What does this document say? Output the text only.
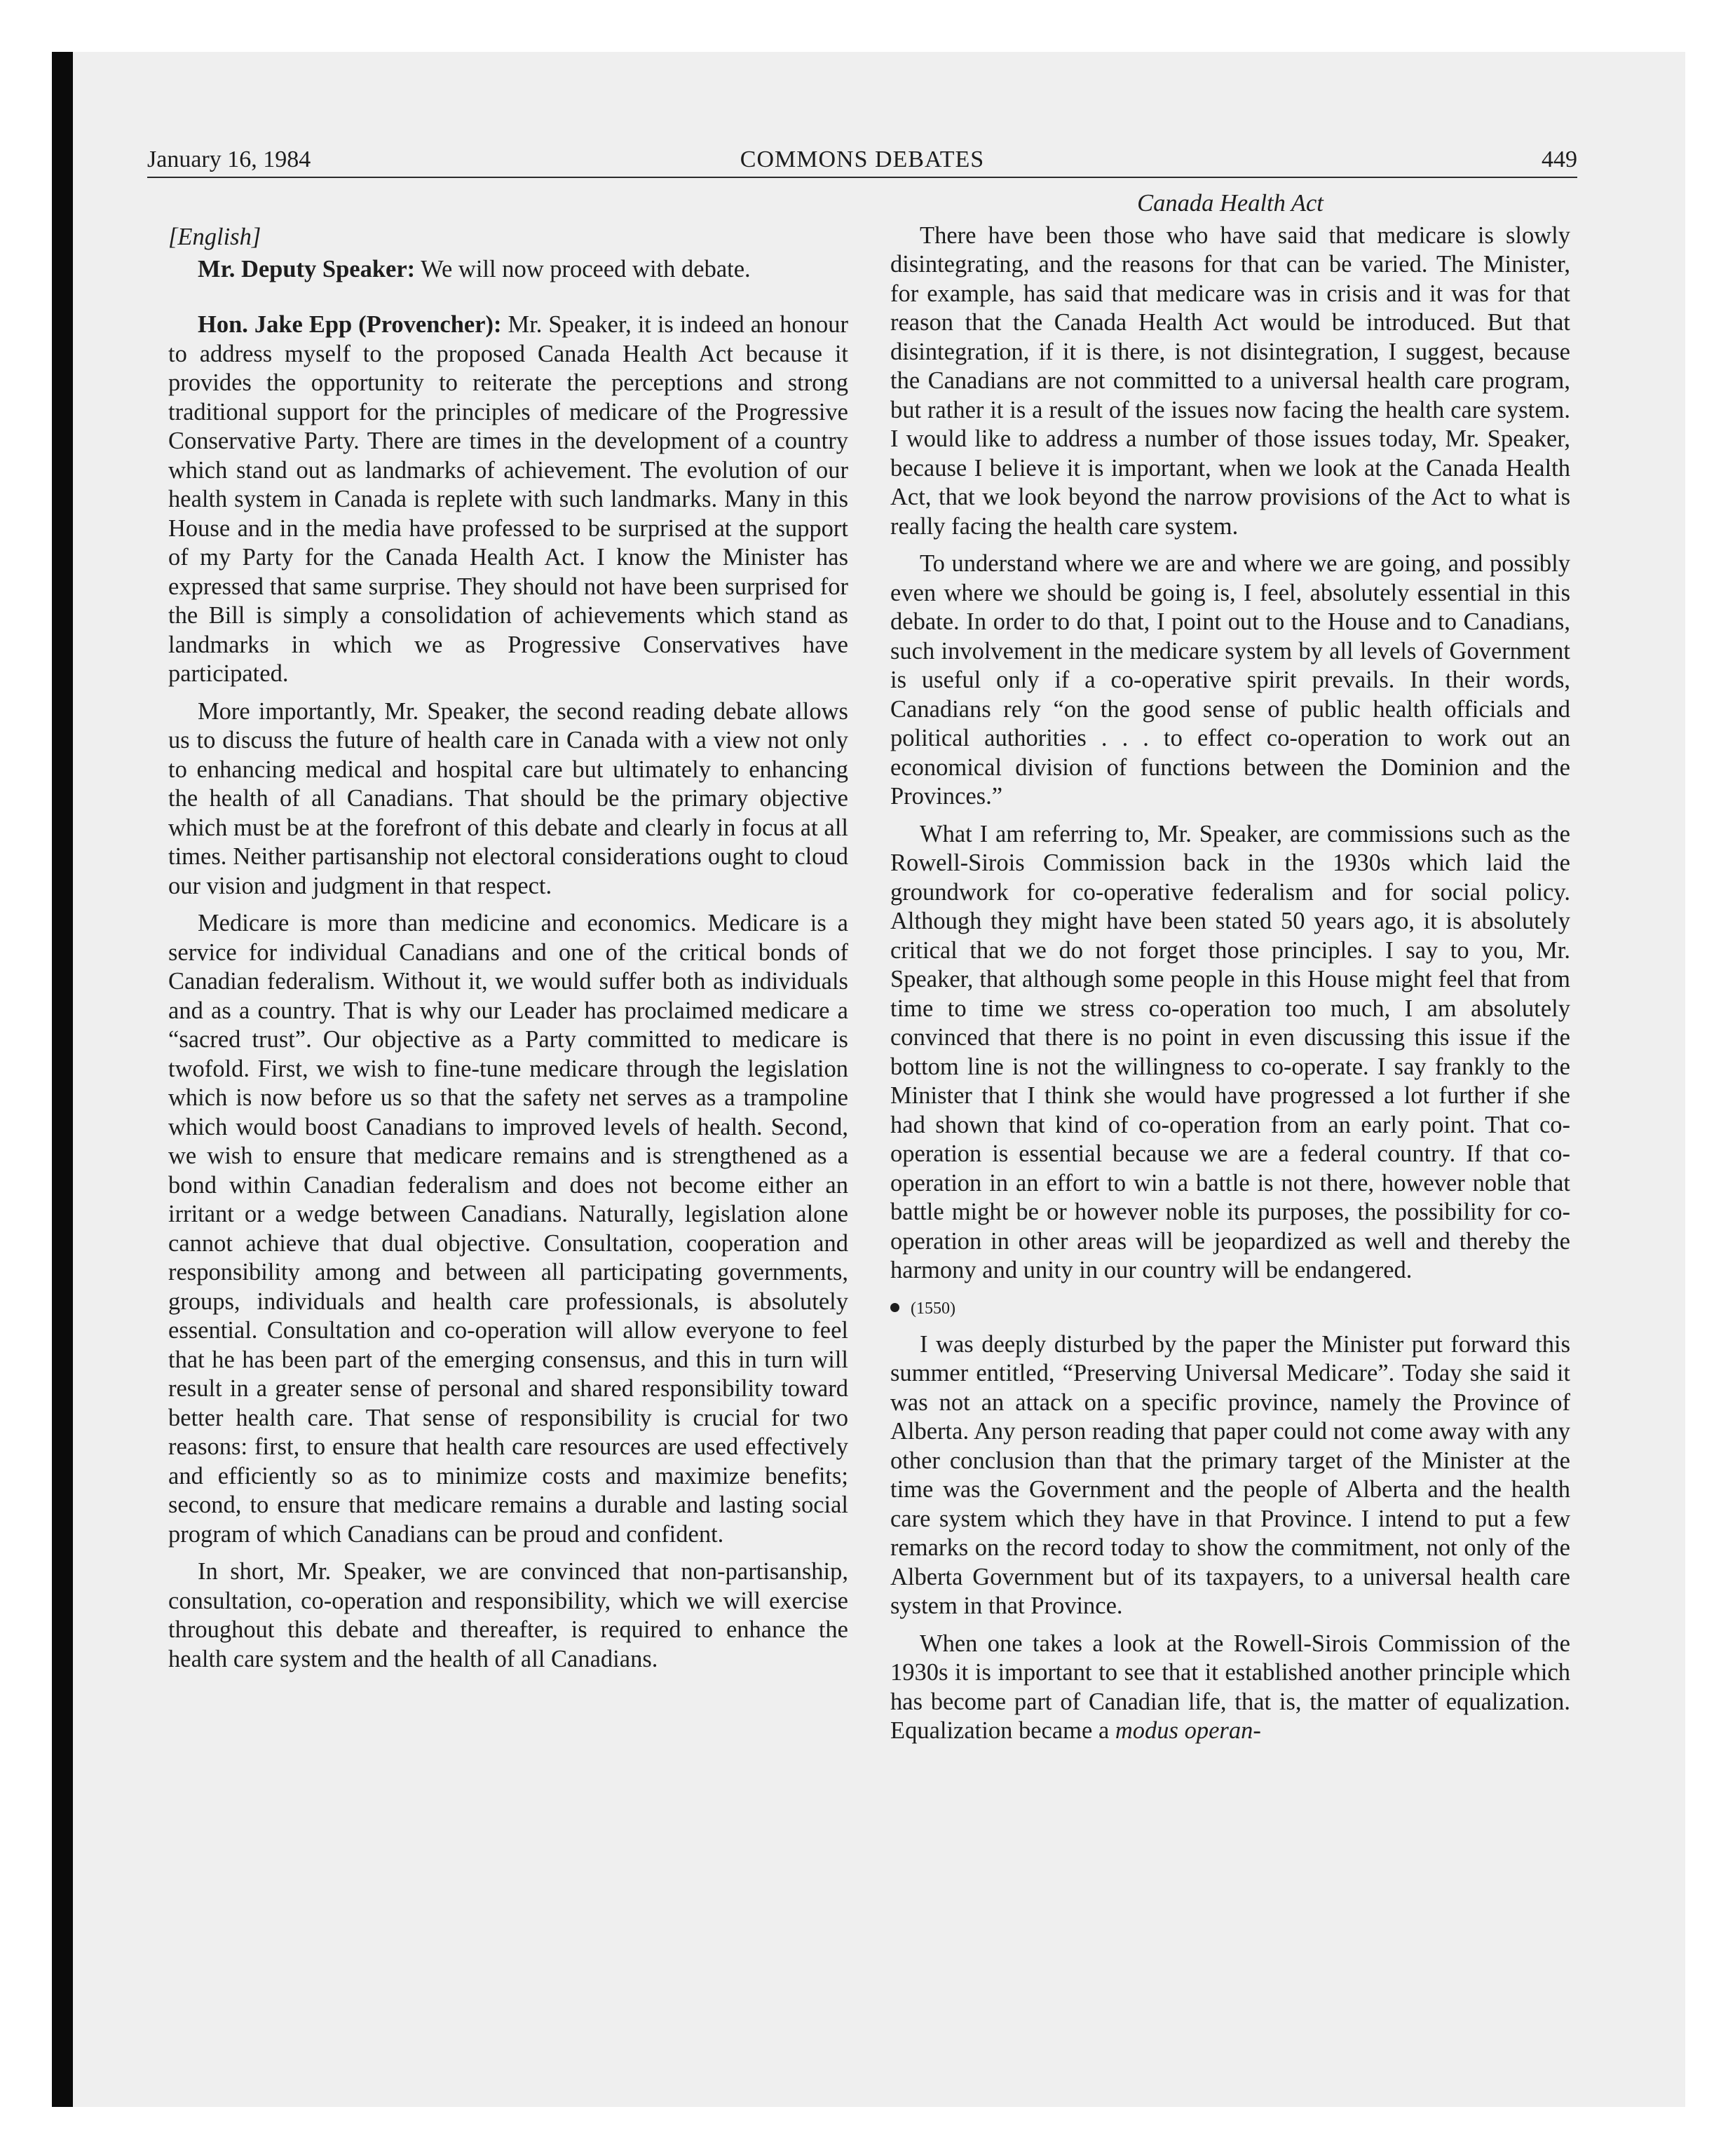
January 16, 1984	COMMONS DEBATES	449
[English]

Mr. Deputy Speaker: We will now proceed with debate.

Hon. Jake Epp (Provencher): Mr. Speaker, it is indeed an honour to address myself to the proposed Canada Health Act because it provides the opportunity to reiterate the perceptions and strong traditional support for the principles of medicare of the Progressive Conservative Party. There are times in the development of a country which stand out as landmarks of achievement. The evolution of our health system in Canada is replete with such landmarks. Many in this House and in the media have professed to be surprised at the support of my Party for the Canada Health Act. I know the Minister has expressed that same surprise. They should not have been surprised for the Bill is simply a consolidation of achievements which stand as landmarks in which we as Progressive Conservatives have participated.

More importantly, Mr. Speaker, the second reading debate allows us to discuss the future of health care in Canada with a view not only to enhancing medical and hospital care but ultimately to enhancing the health of all Canadians. That should be the primary objective which must be at the forefront of this debate and clearly in focus at all times. Neither partisanship not electoral considerations ought to cloud our vision and judgment in that respect.

Medicare is more than medicine and economics. Medicare is a service for individual Canadians and one of the critical bonds of Canadian federalism. Without it, we would suffer both as individuals and as a country. That is why our Leader has proclaimed medicare a “sacred trust”. Our objective as a Party committed to medicare is twofold. First, we wish to fine-tune medicare through the legislation which is now before us so that the safety net serves as a trampoline which would boost Canadians to improved levels of health. Second, we wish to ensure that medicare remains and is strengthened as a bond within Canadian federalism and does not become either an irritant or a wedge between Canadians. Naturally, legislation alone cannot achieve that dual objective. Consultation, cooperation and responsibility among and between all participating governments, groups, individuals and health care professionals, is absolutely essential. Consultation and co-operation will allow everyone to feel that he has been part of the emerging consensus, and this in turn will result in a greater sense of personal and shared responsibility toward better health care. That sense of responsibility is crucial for two reasons: first, to ensure that health care resources are used effectively and efficiently so as to minimize costs and maximize benefits; second, to ensure that medicare remains a durable and lasting social program of which Canadians can be proud and confident.

In short, Mr. Speaker, we are convinced that non-partisanship, consultation, co-operation and responsibility, which we will exercise throughout this debate and thereafter, is required to enhance the health care system and the health of all Canadians.

Canada Health Act

There have been those who have said that medicare is slowly disintegrating, and the reasons for that can be varied. The Minister, for example, has said that medicare was in crisis and it was for that reason that the Canada Health Act would be introduced. But that disintegration, if it is there, is not disintegration, I suggest, because the Canadians are not committed to a universal health care program, but rather it is a result of the issues now facing the health care system. I would like to address a number of those issues today, Mr. Speaker, because I believe it is important, when we look at the Canada Health Act, that we look beyond the narrow provisions of the Act to what is really facing the health care system.

To understand where we are and where we are going, and possibly even where we should be going is, I feel, absolutely essential in this debate. In order to do that, I point out to the House and to Canadians, such involvement in the medicare system by all levels of Government is useful only if a co-operative spirit prevails. In their words, Canadians rely “on the good sense of public health officials and political authorities . . . to effect co-operation to work out an economical division of functions between the Dominion and the Provinces.”

What I am referring to, Mr. Speaker, are commissions such as the Rowell-Sirois Commission back in the 1930s which laid the groundwork for co-operative federalism and for social policy. Although they might have been stated 50 years ago, it is absolutely critical that we do not forget those principles. I say to you, Mr. Speaker, that although some people in this House might feel that from time to time we stress co-operation too much, I am absolutely convinced that there is no point in even discussing this issue if the bottom line is not the willingness to co-operate. I say frankly to the Minister that I think she would have progressed a lot further if she had shown that kind of co-operation from an early point. That co-operation is essential because we are a federal country. If that co-operation in an effort to win a battle is not there, however noble that battle might be or however noble its purposes, the possibility for co-operation in other areas will be jeopardized as well and thereby the harmony and unity in our country will be endangered.

(1550)

I was deeply disturbed by the paper the Minister put forward this summer entitled, “Preserving Universal Medicare”. Today she said it was not an attack on a specific province, namely the Province of Alberta. Any person reading that paper could not come away with any other conclusion than that the primary target of the Minister at the time was the Government and the people of Alberta and the health care system which they have in that Province. I intend to put a few remarks on the record today to show the commitment, not only of the Alberta Government but of its taxpayers, to a universal health care system in that Province.

When one takes a look at the Rowell-Sirois Commission of the 1930s it is important to see that it established another principle which has become part of Canadian life, that is, the matter of equalization. Equalization became a modus operan-
